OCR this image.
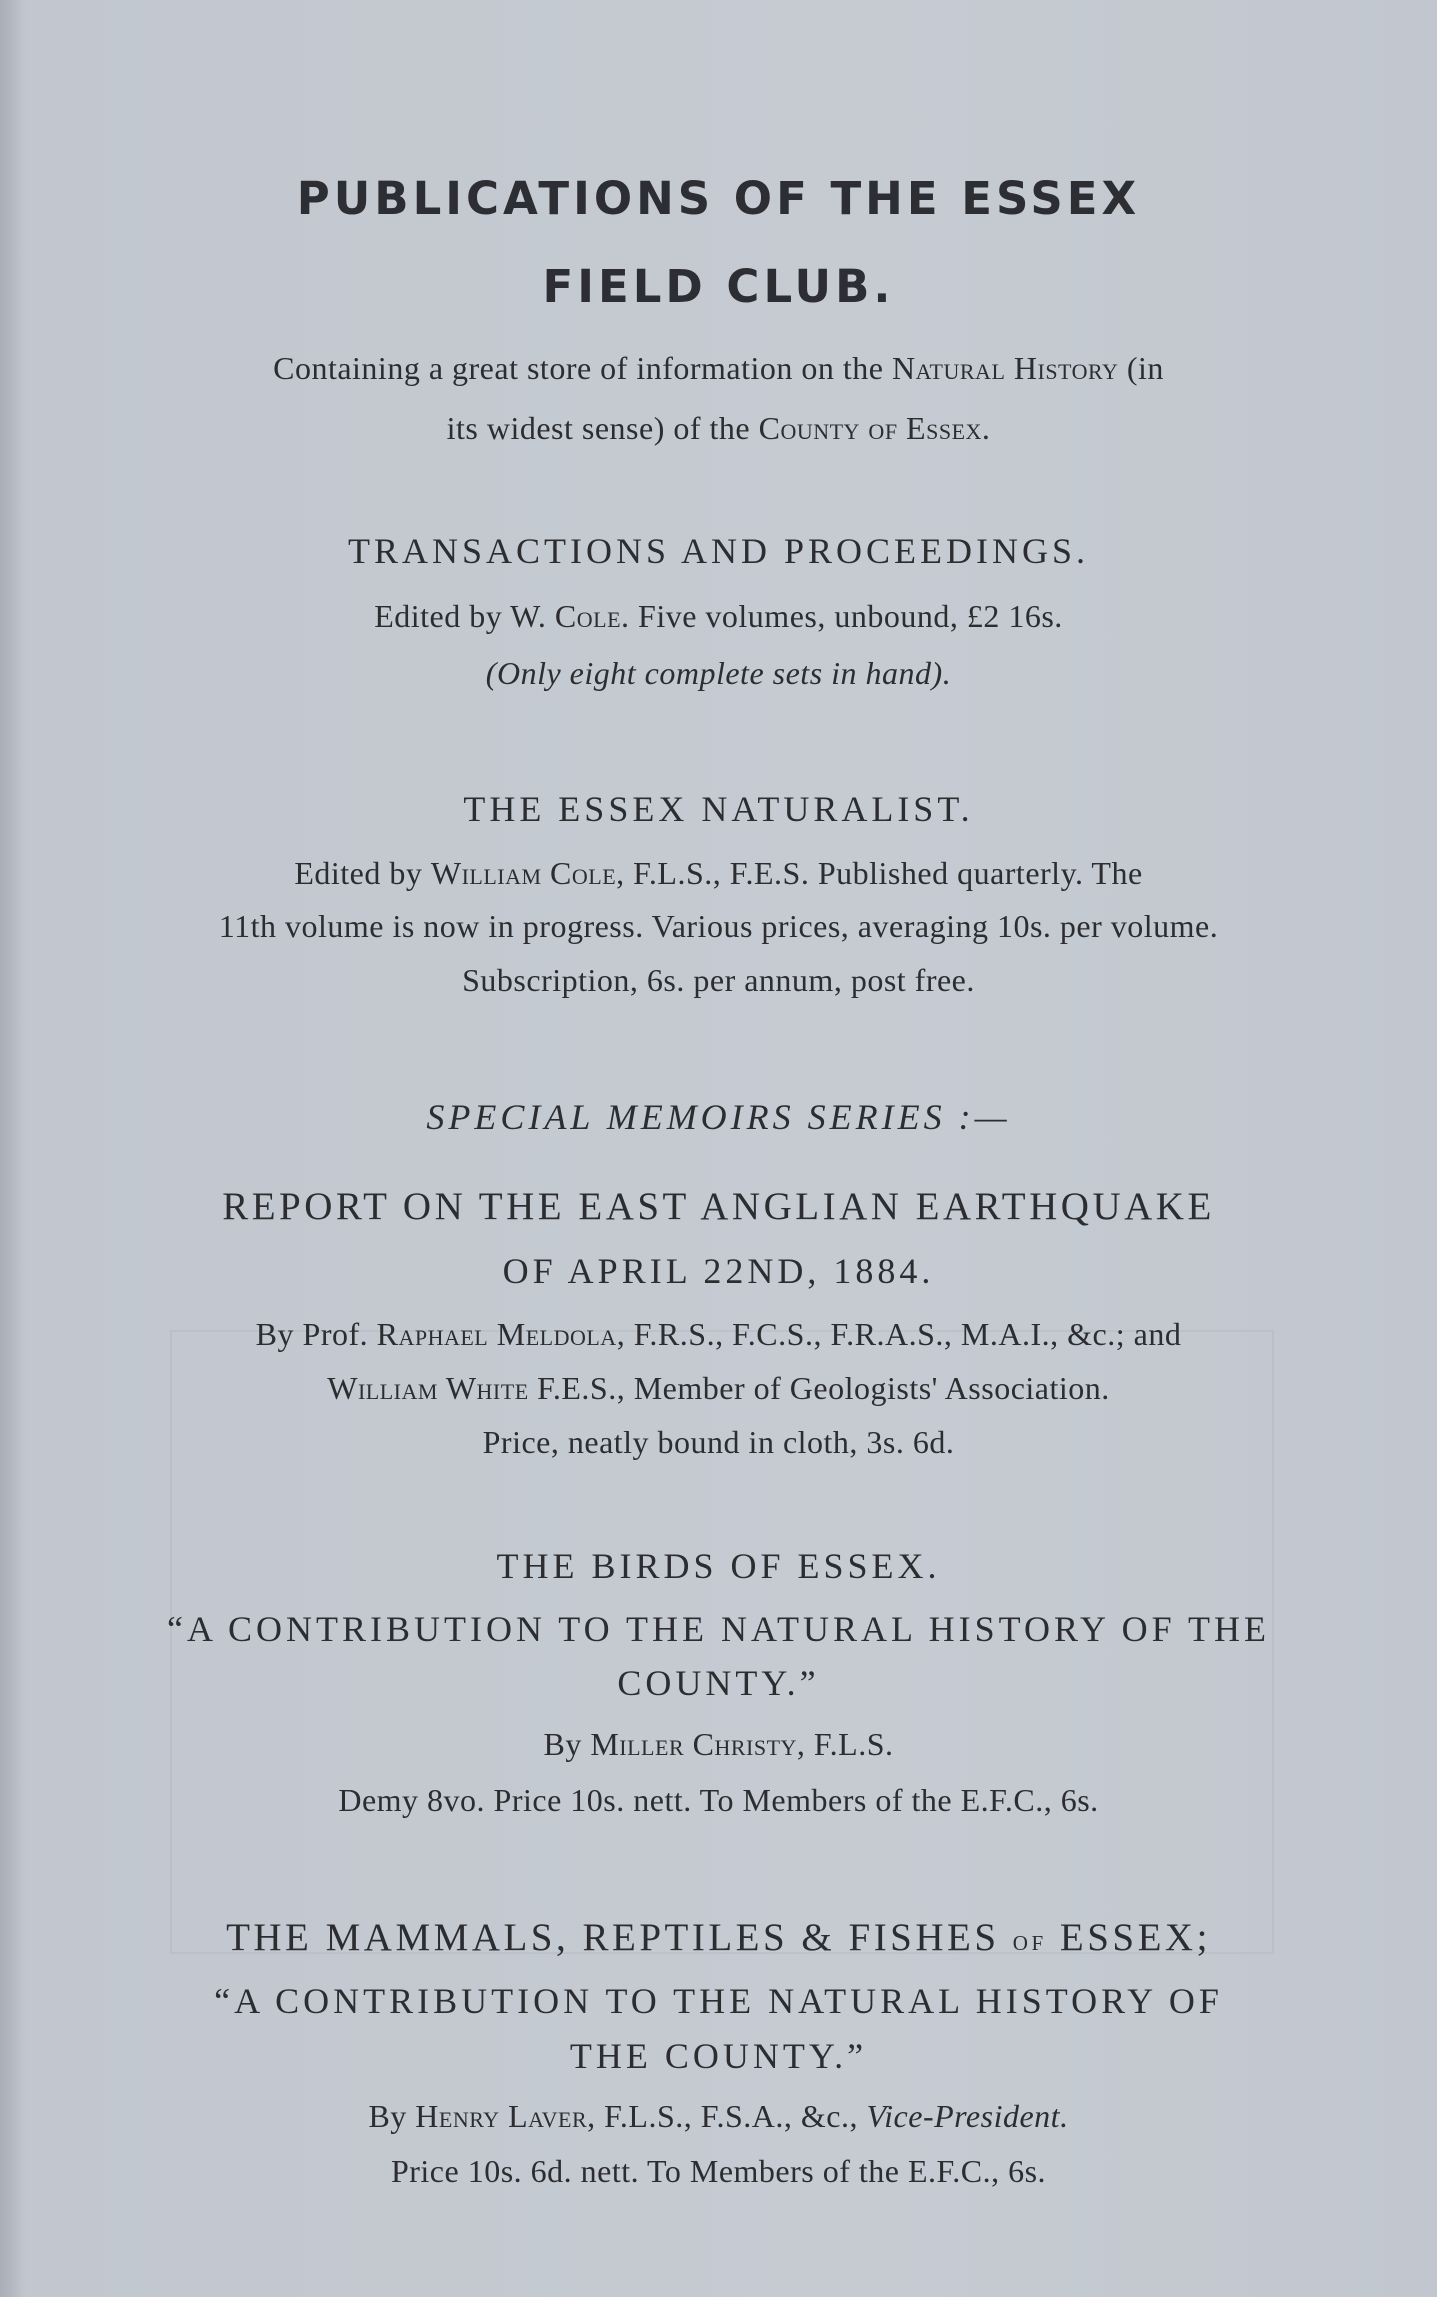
PUBLICATIONS OF THE ESSEX
FIELD CLUB.
Containing a great store of information on the Natural History (in
its widest sense) of the County of Essex.
TRANSACTIONS AND PROCEEDINGS.
Edited by W. Cole. Five volumes, unbound, £2 16s.
(Only eight complete sets in hand).
THE ESSEX NATURALIST.
Edited by William Cole, F.L.S., F.E.S. Published quarterly. The
11th volume is now in progress. Various prices, averaging 10s. per volume.
Subscription, 6s. per annum, post free.
SPECIAL MEMOIRS SERIES :—
REPORT ON THE EAST ANGLIAN EARTHQUAKE
OF APRIL 22ND, 1884.
By Prof. Raphael Meldola, F.R.S., F.C.S., F.R.A.S., M.A.I., &c.; and
William White F.E.S., Member of Geologists' Association.
Price, neatly bound in cloth, 3s. 6d.
THE BIRDS OF ESSEX.
“A CONTRIBUTION TO THE NATURAL HISTORY OF THE
COUNTY.”
By Miller Christy, F.L.S.
Demy 8vo. Price 10s. nett. To Members of the E.F.C., 6s.
THE MAMMALS, REPTILES & FISHES of ESSEX;
“A CONTRIBUTION TO THE NATURAL HISTORY OF
THE COUNTY.”
By Henry Laver, F.L.S., F.S.A., &c., Vice-President.
Price 10s. 6d. nett. To Members of the E.F.C., 6s.
